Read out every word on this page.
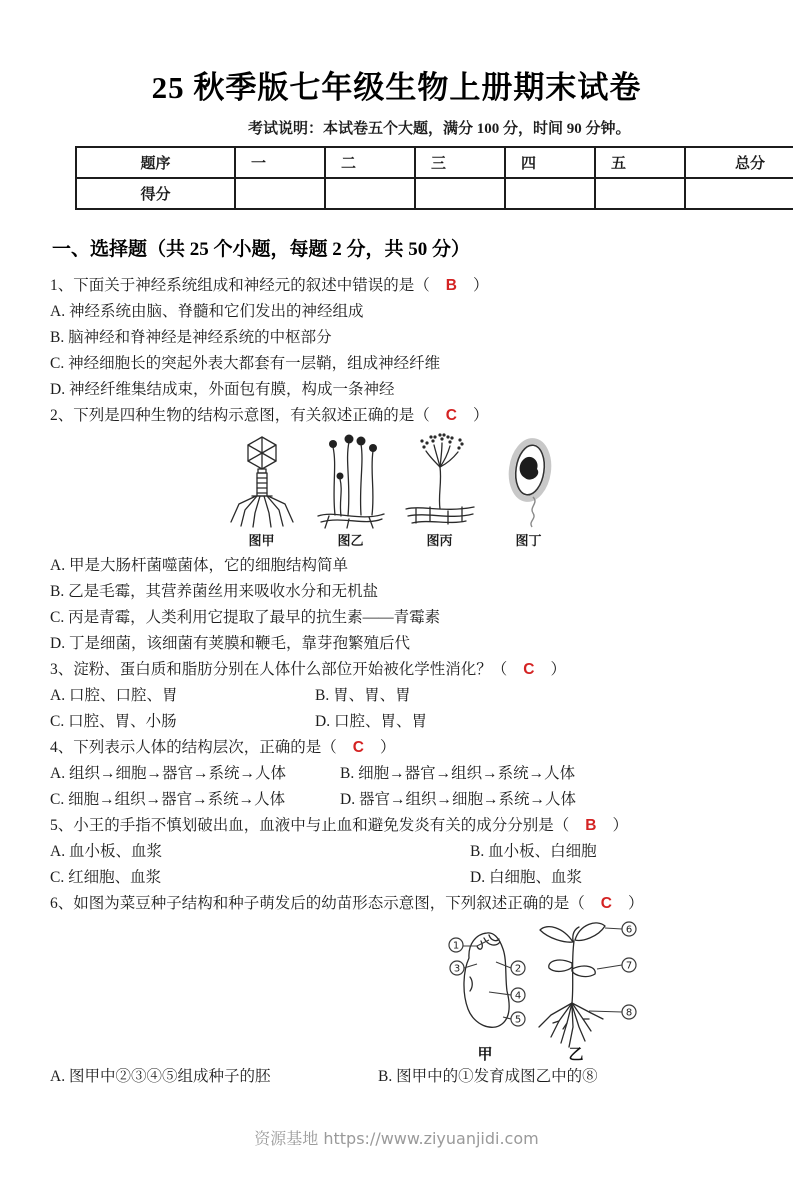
25 秋季版七年级生物上册期末试卷
考试说明：本试卷五个大题，满分 100 分，时间 90 分钟。
题序	一	二	三	四	五	总分
得分						
一、选择题（共 25 个小题，每题 2 分，共 50 分）
1、下面关于神经系统组成和神经元的叙述中错误的是（ B ）
A. 神经系统由脑、脊髓和它们发出的神经组成
B. 脑神经和脊神经是神经系统的中枢部分
C. 神经细胞长的突起外表大都套有一层鞘，组成神经纤维
D. 神经纤维集结成束，外面包有膜，构成一条神经
2、下列是四种生物的结构示意图，有关叙述正确的是（ C ）
图甲	图乙	图丙	图丁
A. 甲是大肠杆菌噬菌体，它的细胞结构简单
B. 乙是毛霉，其营养菌丝用来吸收水分和无机盐
C. 丙是青霉，人类利用它提取了最早的抗生素——青霉素
D. 丁是细菌，该细菌有荚膜和鞭毛，靠芽孢繁殖后代
3、淀粉、蛋白质和脂肪分别在人体什么部位开始被化学性消化？（ C ）
A. 口腔、口腔、胃	B. 胃、胃、胃
C. 口腔、胃、小肠	D. 口腔、胃、胃
4、下列表示人体的结构层次，正确的是（ C ）
A. 组织→细胞→器官→系统→人体	B. 细胞→器官→组织→系统→人体
C. 细胞→组织→器官→系统→人体	D. 器官→组织→细胞→系统→人体
5、小王的手指不慎划破出血，血液中与止血和避免发炎有关的成分分别是（ B ）
A. 血小板、血浆	B. 血小板、白细胞
C. 红细胞、血浆	D. 白细胞、血浆
6、如图为菜豆种子结构和种子萌发后的幼苗形态示意图，下列叙述正确的是（ C ）
1
3	2
4
5
甲
6
7
8
乙
A. 图甲中②③④⑤组成种子的胚	B. 图甲中的①发育成图乙中的⑧
资源基地 https://www.ziyuanjidi.com
